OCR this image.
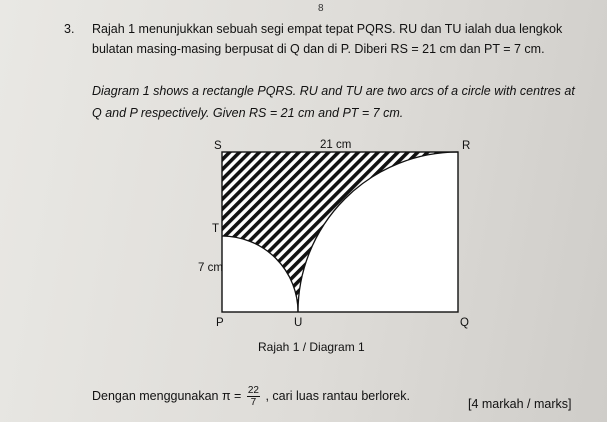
8
3. Rajah 1 menunjukkan sebuah segi empat tepat PQRS. RU dan TU ialah dua lengkok
bulatan masing-masing berpusat di Q dan di P. Diberi RS = 21 cm dan PT = 7 cm.
Diagram 1 shows a rectangle PQRS. RU and TU are two arcs of a circle with centres at
Q and P respectively. Given RS = 21 cm and PT = 7 cm.
S	R
21 cm
T
7 cm
P	U	Q
Rajah 1 / Diagram 1
Dengan menggunakan $\pi = \frac{22}{7}$ , cari luas rantau berlorek.
[4 markah / marks]
